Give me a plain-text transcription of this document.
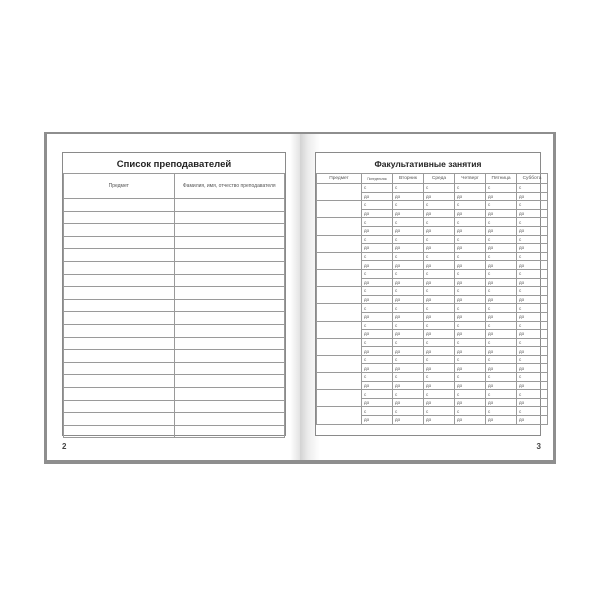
Список преподавателей
Предмет	Фамилия, имя, отчество преподавателя

2
Факультативные занятия
Предмет	Понедельник	Вторник	Среда	Четверг	Пятница	Суббота
	с	с	с	с	с	с
	до	до	до	до	до	до
	с	с	с	с	с	с
	до	до	до	до	до	до
	с	с	с	с	с	с
	до	до	до	до	до	до
	с	с	с	с	с	с
	до	до	до	до	до	до
	с	с	с	с	с	с
	до	до	до	до	до	до
	с	с	с	с	с	с
	до	до	до	до	до	до
	с	с	с	с	с	с
	до	до	до	до	до	до
	с	с	с	с	с	с
	до	до	до	до	до	до
	с	с	с	с	с	с
	до	до	до	до	до	до
	с	с	с	с	с	с
	до	до	до	до	до	до
	с	с	с	с	с	с
	до	до	до	до	до	до
	с	с	с	с	с	с
	до	до	до	до	до	до
	с	с	с	с	с	с
	до	до	до	до	до	до
	с	с	с	с	с	с
	до	до	до	до	до	до
3
